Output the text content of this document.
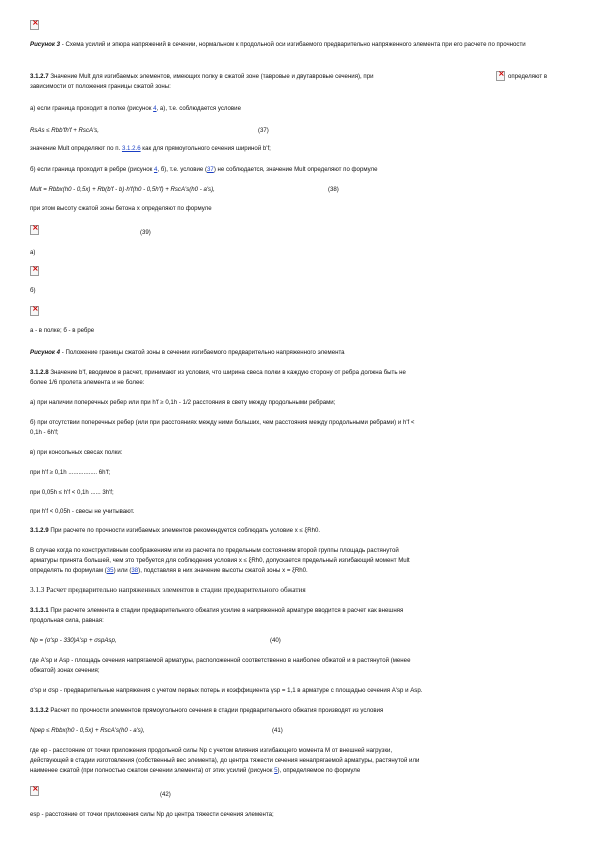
×
Рисунок 3 - Схема усилий и эпюра напряжений в сечении, нормальном к продольной оси изгибаемого предварительно напряженного элемента при его расчете по прочности
3.1.2.7 Значение Mult для изгибаемых элементов, имеющих полку в сжатой зоне (тавровые и двутавровые сечения), при
×	определяют в
зависимости от положения границы сжатой зоны:
а) если граница проходит в полке (рисунок 4, а), т.е. соблюдается условие
RsAs ≤ Rbb'fh'f + RscA's,	(37)
значение Mult определяют по п. 3.1.2.6 как для прямоугольного сечения шириной b'f;
б) если граница проходит в ребре (рисунок 4, б), т.е. условие (37) не соблюдается, значение Mult определяют по формуле
Mult = Rbbx(h0 - 0,5x) + Rb(b'f - b)·h'f(h0 - 0,5h'f) + RscA's(h0 - a's),	(38)
при этом высоту сжатой зоны бетона x определяют по формуле
×
(39)
а)
×
б)
×
а - в полке; б - в ребре
Рисунок 4 - Положение границы сжатой зоны в сечении изгибаемого предварительно напряженного элемента
3.1.2.8 Значение b'f, вводимое в расчет, принимают из условия, что ширина свеса полки в каждую сторону от ребра должна быть не
более 1/6 пролета элемента и не более:
а) при наличии поперечных ребер или при h'f ≥ 0,1h - 1/2 расстояния в свету между продольными ребрами;
б) при отсутствии поперечных ребер (или при расстояниях между ними больших, чем расстояния между продольными ребрами) и h'f <
0,1h - 6h'f;
в) при консольных свесах полки:
при h'f ≥ 0,1h ................. 6h'f;
при 0,05h ≤ h'f < 0,1h ...... 3h'f;
при h'f < 0,05h - свесы не учитывают.
3.1.2.9 При расчете по прочности изгибаемых элементов рекомендуется соблюдать условие x ≤ ξRh0.
В случае когда по конструктивным соображениям или из расчета по предельным состояниям второй группы площадь растянутой
арматуры принята большей, чем это требуется для соблюдения условия x ≤ ξRh0, допускается предельный изгибающий момент Mult
определять по формулам (35) или (38), подставляя в них значение высоты сжатой зоны x = ξRh0.
3.1.3 Расчет предварительно напряженных элементов в стадии предварительного обжатия
3.1.3.1 При расчете элемента в стадии предварительного обжатия усилие в напряженной арматуре вводится в расчет как внешняя
продольная сила, равная:
Np = (σ'sp - 330)A'sp + σspAsp,	(40)
где A'sp и Asp - площадь сечения напрягаемой арматуры, расположенной соответственно в наиболее обжатой и в растянутой (менее
обжатой) зонах сечения;
σ'sp и σsp - предварительные напряжения с учетом первых потерь и коэффициента γsp = 1,1 в арматуре с площадью сечения A'sp и Asp.
3.1.3.2 Расчет по прочности элементов прямоугольного сечения в стадии предварительного обжатия производят из условия
Npep ≤ Rbbx(h0 - 0,5x) + RscA's(h0 - a's),	(41)
где ep - расстояние от точки приложения продольной силы Np с учетом влияния изгибающего момента M от внешней нагрузки,
действующей в стадии изготовления (собственный вес элемента), до центра тяжести сечения ненапрягаемой арматуры, растянутой или
наименее сжатой (при полностью сжатом сечении элемента) от этих усилий (рисунок 5), определяемое по формуле
×
(42)
esp - расстояние от точки приложения силы Np до центра тяжести сечения элемента;
